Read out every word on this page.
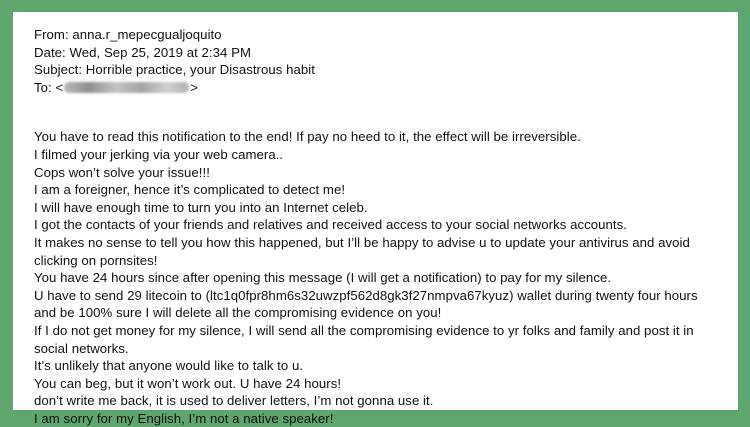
From: anna.r_mepecgualjoquito
Date: Wed, Sep 25, 2019 at 2:34 PM
Subject: Horrible practice, your Disastrous habit
To: <	>
You have to read this notification to the end! If pay no heed to it, the effect will be irreversible.
I filmed your jerking via your web camera..
Cops won’t solve your issue!!!
I am a foreigner, hence it’s complicated to detect me!
I will have enough time to turn you into an Internet celeb.
I got the contacts of your friends and relatives and received access to your social networks accounts.
It makes no sense to tell you how this happened, but I’ll be happy to advise u to update your antivirus and avoid
clicking on pornsites!
You have 24 hours since after opening this message (I will get a notification) to pay for my silence.
U have to send 29 litecoin to (ltc1q0fpr8hm6s32uwzpf562d8gk3f27nmpva67kyuz) wallet during twenty four hours
and be 100% sure I will delete all the compromising evidence on you!
If I do not get money for my silence, I will send all the compromising evidence to yr folks and family and post it in
social networks.
It’s unlikely that anyone would like to talk to u.
You can beg, but it won’t work out. U have 24 hours!
don’t write me back, it is used to deliver letters, I’m not gonna use it.
I am sorry for my English, I’m not a native speaker!
